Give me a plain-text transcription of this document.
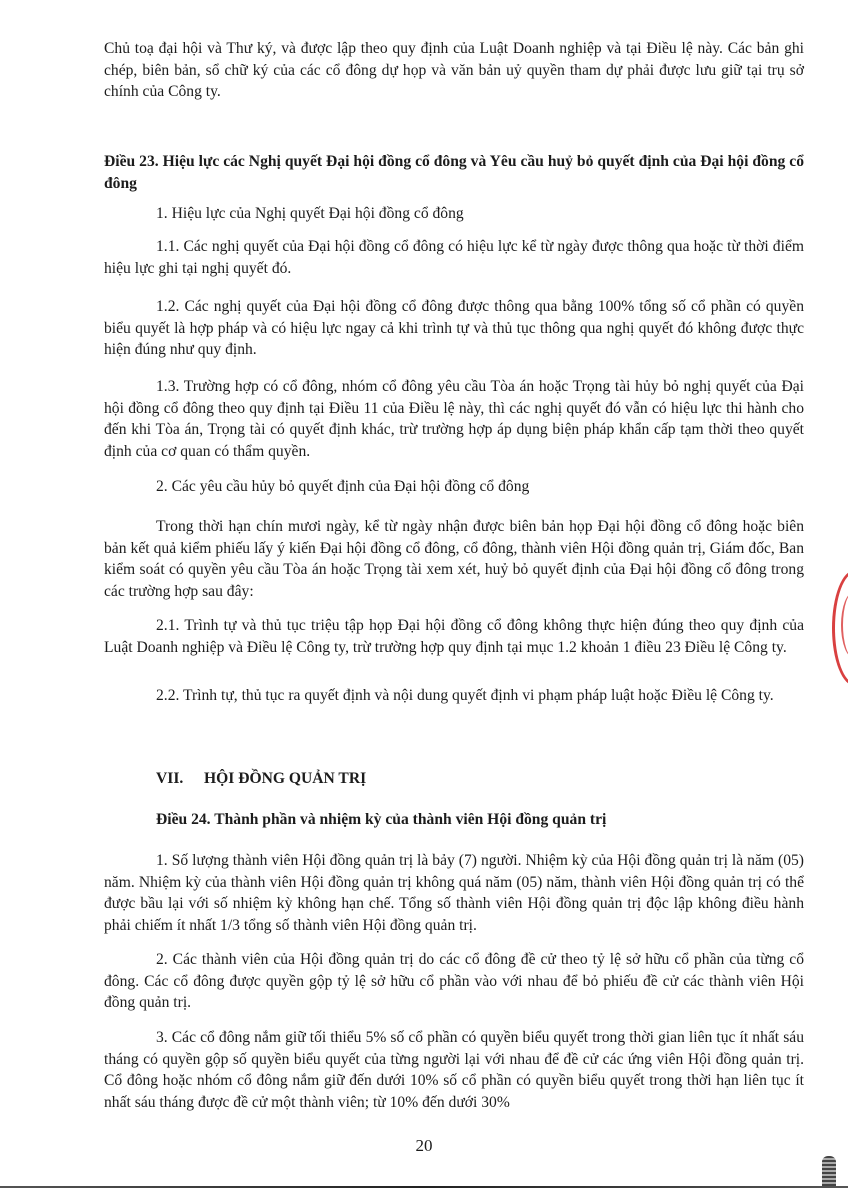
Chủ toạ đại hội và Thư ký, và được lập theo quy định của Luật Doanh nghiệp và tại Điều lệ này. Các bản ghi chép, biên bản, sổ chữ ký của các cổ đông dự họp và văn bản uỷ quyền tham dự phải được lưu giữ tại trụ sở chính của Công ty.

Điều 23. Hiệu lực các Nghị quyết Đại hội đồng cổ đông và Yêu cầu huỷ bỏ quyết định của Đại hội đồng cổ đông

1. Hiệu lực của Nghị quyết Đại hội đồng cổ đông

1.1. Các nghị quyết của Đại hội đồng cổ đông có hiệu lực kể từ ngày được thông qua hoặc từ thời điểm hiệu lực ghi tại nghị quyết đó.

1.2. Các nghị quyết của Đại hội đồng cổ đông được thông qua bằng 100% tổng số cổ phần có quyền biểu quyết là hợp pháp và có hiệu lực ngay cả khi trình tự và thủ tục thông qua nghị quyết đó không được thực hiện đúng như quy định.

1.3. Trường hợp có cổ đông, nhóm cổ đông yêu cầu Tòa án hoặc Trọng tài hủy bỏ nghị quyết của Đại hội đồng cổ đông theo quy định tại Điều 11 của Điều lệ này, thì các nghị quyết đó vẫn có hiệu lực thi hành cho đến khi Tòa án, Trọng tài có quyết định khác, trừ trường hợp áp dụng biện pháp khẩn cấp tạm thời theo quyết định của cơ quan có thẩm quyền.

2. Các yêu cầu hủy bỏ quyết định của Đại hội đồng cổ đông

Trong thời hạn chín mươi ngày, kể từ ngày nhận được biên bản họp Đại hội đồng cổ đông hoặc biên bản kết quả kiểm phiếu lấy ý kiến Đại hội đồng cổ đông, cổ đông, thành viên Hội đồng quản trị, Giám đốc, Ban kiểm soát có quyền yêu cầu Tòa án hoặc Trọng tài xem xét, huỷ bỏ quyết định của Đại hội đồng cổ đông trong các trường hợp sau đây:

2.1. Trình tự và thủ tục triệu tập họp Đại hội đồng cổ đông không thực hiện đúng theo quy định của Luật Doanh nghiệp và Điều lệ Công ty, trừ trường hợp quy định tại mục 1.2 khoản 1 điều 23 Điều lệ Công ty.

2.2. Trình tự, thủ tục ra quyết định và nội dung quyết định vi phạm pháp luật hoặc Điều lệ Công ty.

VII. HỘI ĐỒNG QUẢN TRỊ

Điều 24. Thành phần và nhiệm kỳ của thành viên Hội đồng quản trị

1. Số lượng thành viên Hội đồng quản trị là bảy (7) người. Nhiệm kỳ của Hội đồng quản trị là năm (05) năm. Nhiệm kỳ của thành viên Hội đồng quản trị không quá năm (05) năm, thành viên Hội đồng quản trị có thể được bầu lại với số nhiệm kỳ không hạn chế. Tổng số thành viên Hội đồng quản trị độc lập không điều hành phải chiếm ít nhất 1/3 tổng số thành viên Hội đồng quản trị.

2. Các thành viên của Hội đồng quản trị do các cổ đông đề cử theo tỷ lệ sở hữu cổ phần của từng cổ đông. Các cổ đông được quyền gộp tỷ lệ sở hữu cổ phần vào với nhau để bỏ phiếu đề cử các thành viên Hội đồng quản trị.

3. Các cổ đông nắm giữ tối thiểu 5% số cổ phần có quyền biểu quyết trong thời gian liên tục ít nhất sáu tháng có quyền gộp số quyền biểu quyết của từng người lại với nhau để đề cử các ứng viên Hội đồng quản trị. Cổ đông hoặc nhóm cổ đông nắm giữ đến dưới 10% số cổ phần có quyền biểu quyết trong thời hạn liên tục ít nhất sáu tháng được đề cử một thành viên; từ 10% đến dưới 30%

20
